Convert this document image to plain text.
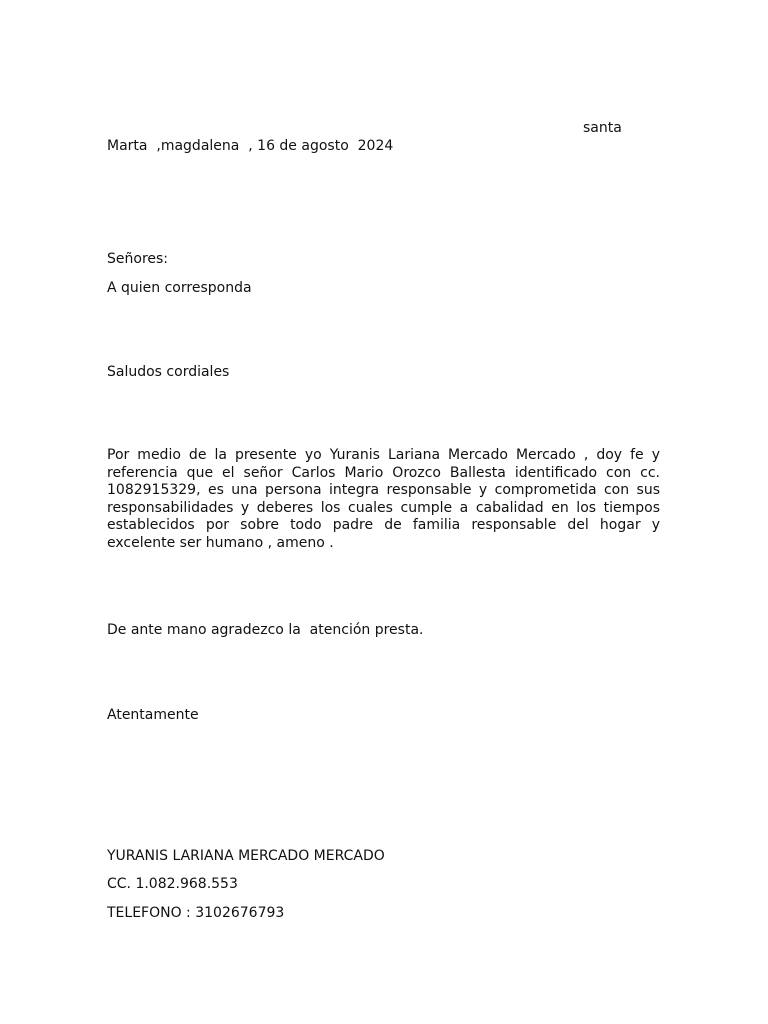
santa
Marta  ,magdalena  , 16 de agosto  2024
Señores:
A quien corresponda
Saludos cordiales
Por medio de la presente yo Yuranis Lariana Mercado Mercado , doy fe y referencia que el señor Carlos Mario Orozco Ballesta identificado con cc. 1082915329, es una persona integra responsable y comprometida con sus responsabilidades y deberes los cuales cumple a cabalidad en los tiempos establecidos por sobre todo padre de familia responsable del hogar y excelente ser humano , ameno .
De ante mano agradezco la  atención presta.
Atentamente
YURANIS LARIANA MERCADO MERCADO
CC. 1.082.968.553
TELEFONO : 3102676793
